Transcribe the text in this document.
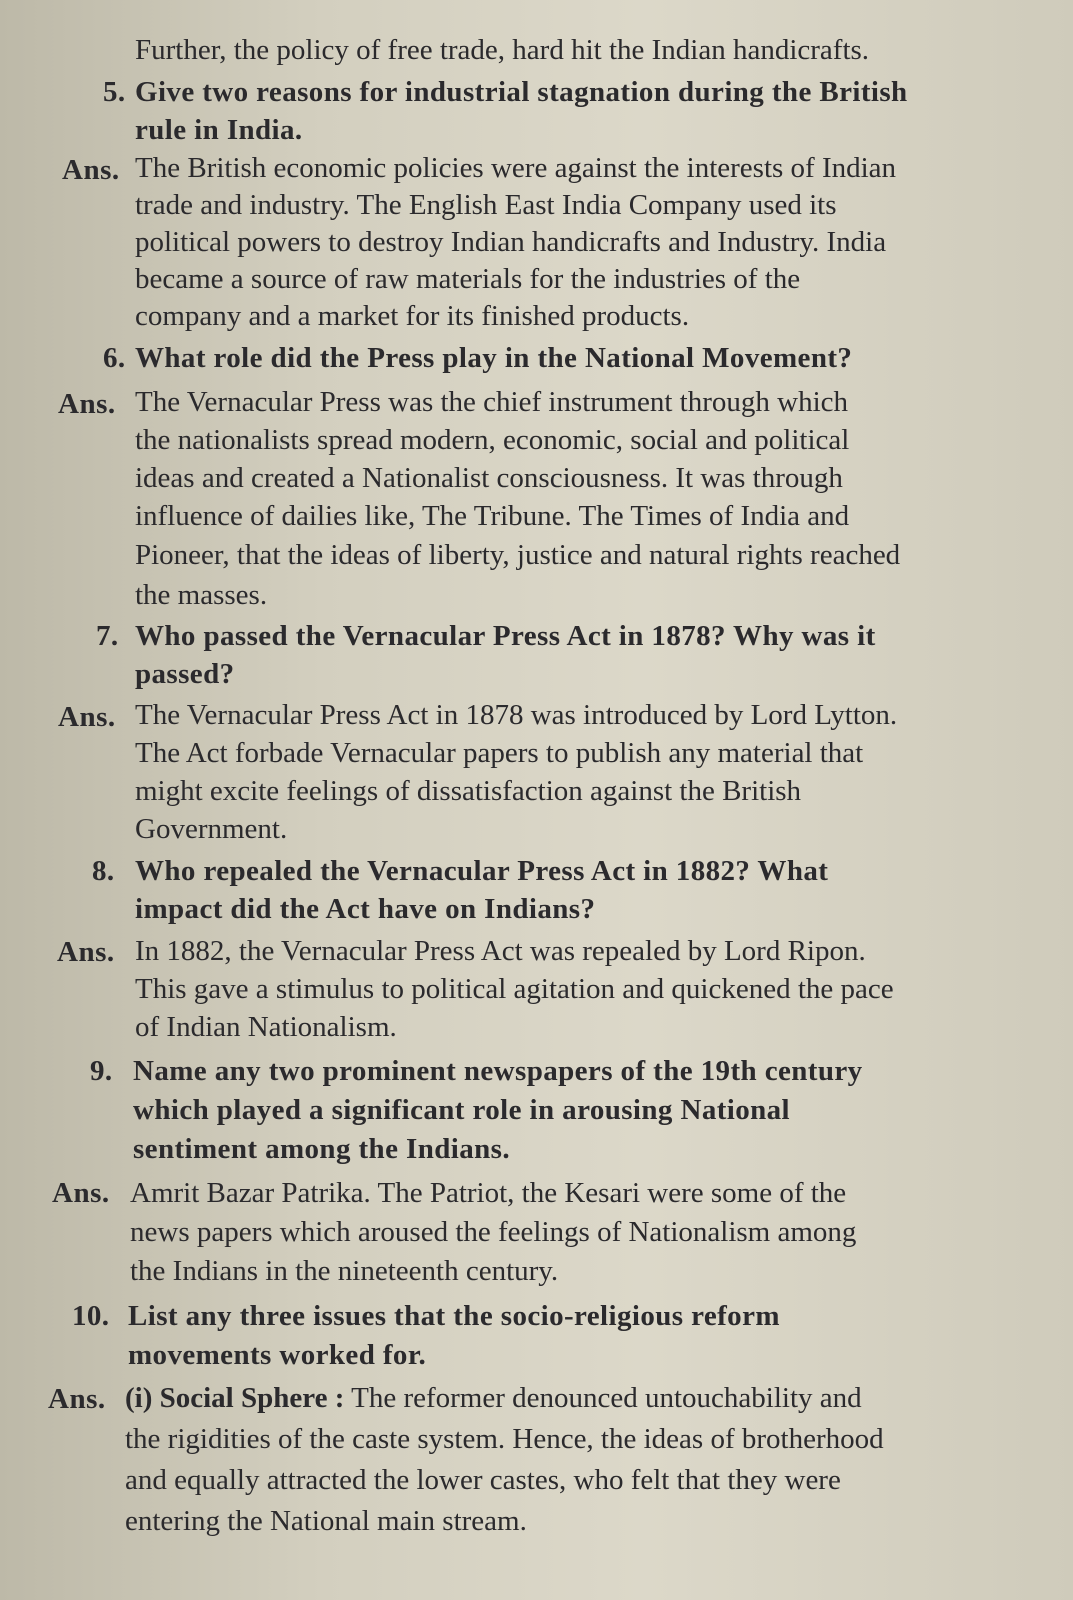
Further, the policy of free trade, hard hit the Indian handicrafts.
5. Give two reasons for industrial stagnation during the British
rule in India.
Ans. The British economic policies were against the interests of Indian
trade and industry. The English East India Company used its
political powers to destroy Indian handicrafts and Industry. India
became a source of raw materials for the industries of the
company and a market for its finished products.
6. What role did the Press play in the National Movement?
Ans. The Vernacular Press was the chief instrument through which
the nationalists spread modern, economic, social and political
ideas and created a Nationalist consciousness. It was through
influence of dailies like, The Tribune. The Times of India and
Pioneer, that the ideas of liberty, justice and natural rights reached
the masses.
7. Who passed the Vernacular Press Act in 1878? Why was it
passed?
Ans. The Vernacular Press Act in 1878 was introduced by Lord Lytton.
The Act forbade Vernacular papers to publish any material that
might excite feelings of dissatisfaction against the British
Government.
8. Who repealed the Vernacular Press Act in 1882? What
impact did the Act have on Indians?
Ans. In 1882, the Vernacular Press Act was repealed by Lord Ripon.
This gave a stimulus to political agitation and quickened the pace
of Indian Nationalism.
9. Name any two prominent newspapers of the 19th century
which played a significant role in arousing National
sentiment among the Indians.
Ans. Amrit Bazar Patrika. The Patriot, the Kesari were some of the
news papers which aroused the feelings of Nationalism among
the Indians in the nineteenth century.
10. List any three issues that the socio-religious reform
movements worked for.
Ans. (i) Social Sphere : The reformer denounced untouchability and
the rigidities of the caste system. Hence, the ideas of brotherhood
and equally attracted the lower castes, who felt that they were
entering the National main stream.
